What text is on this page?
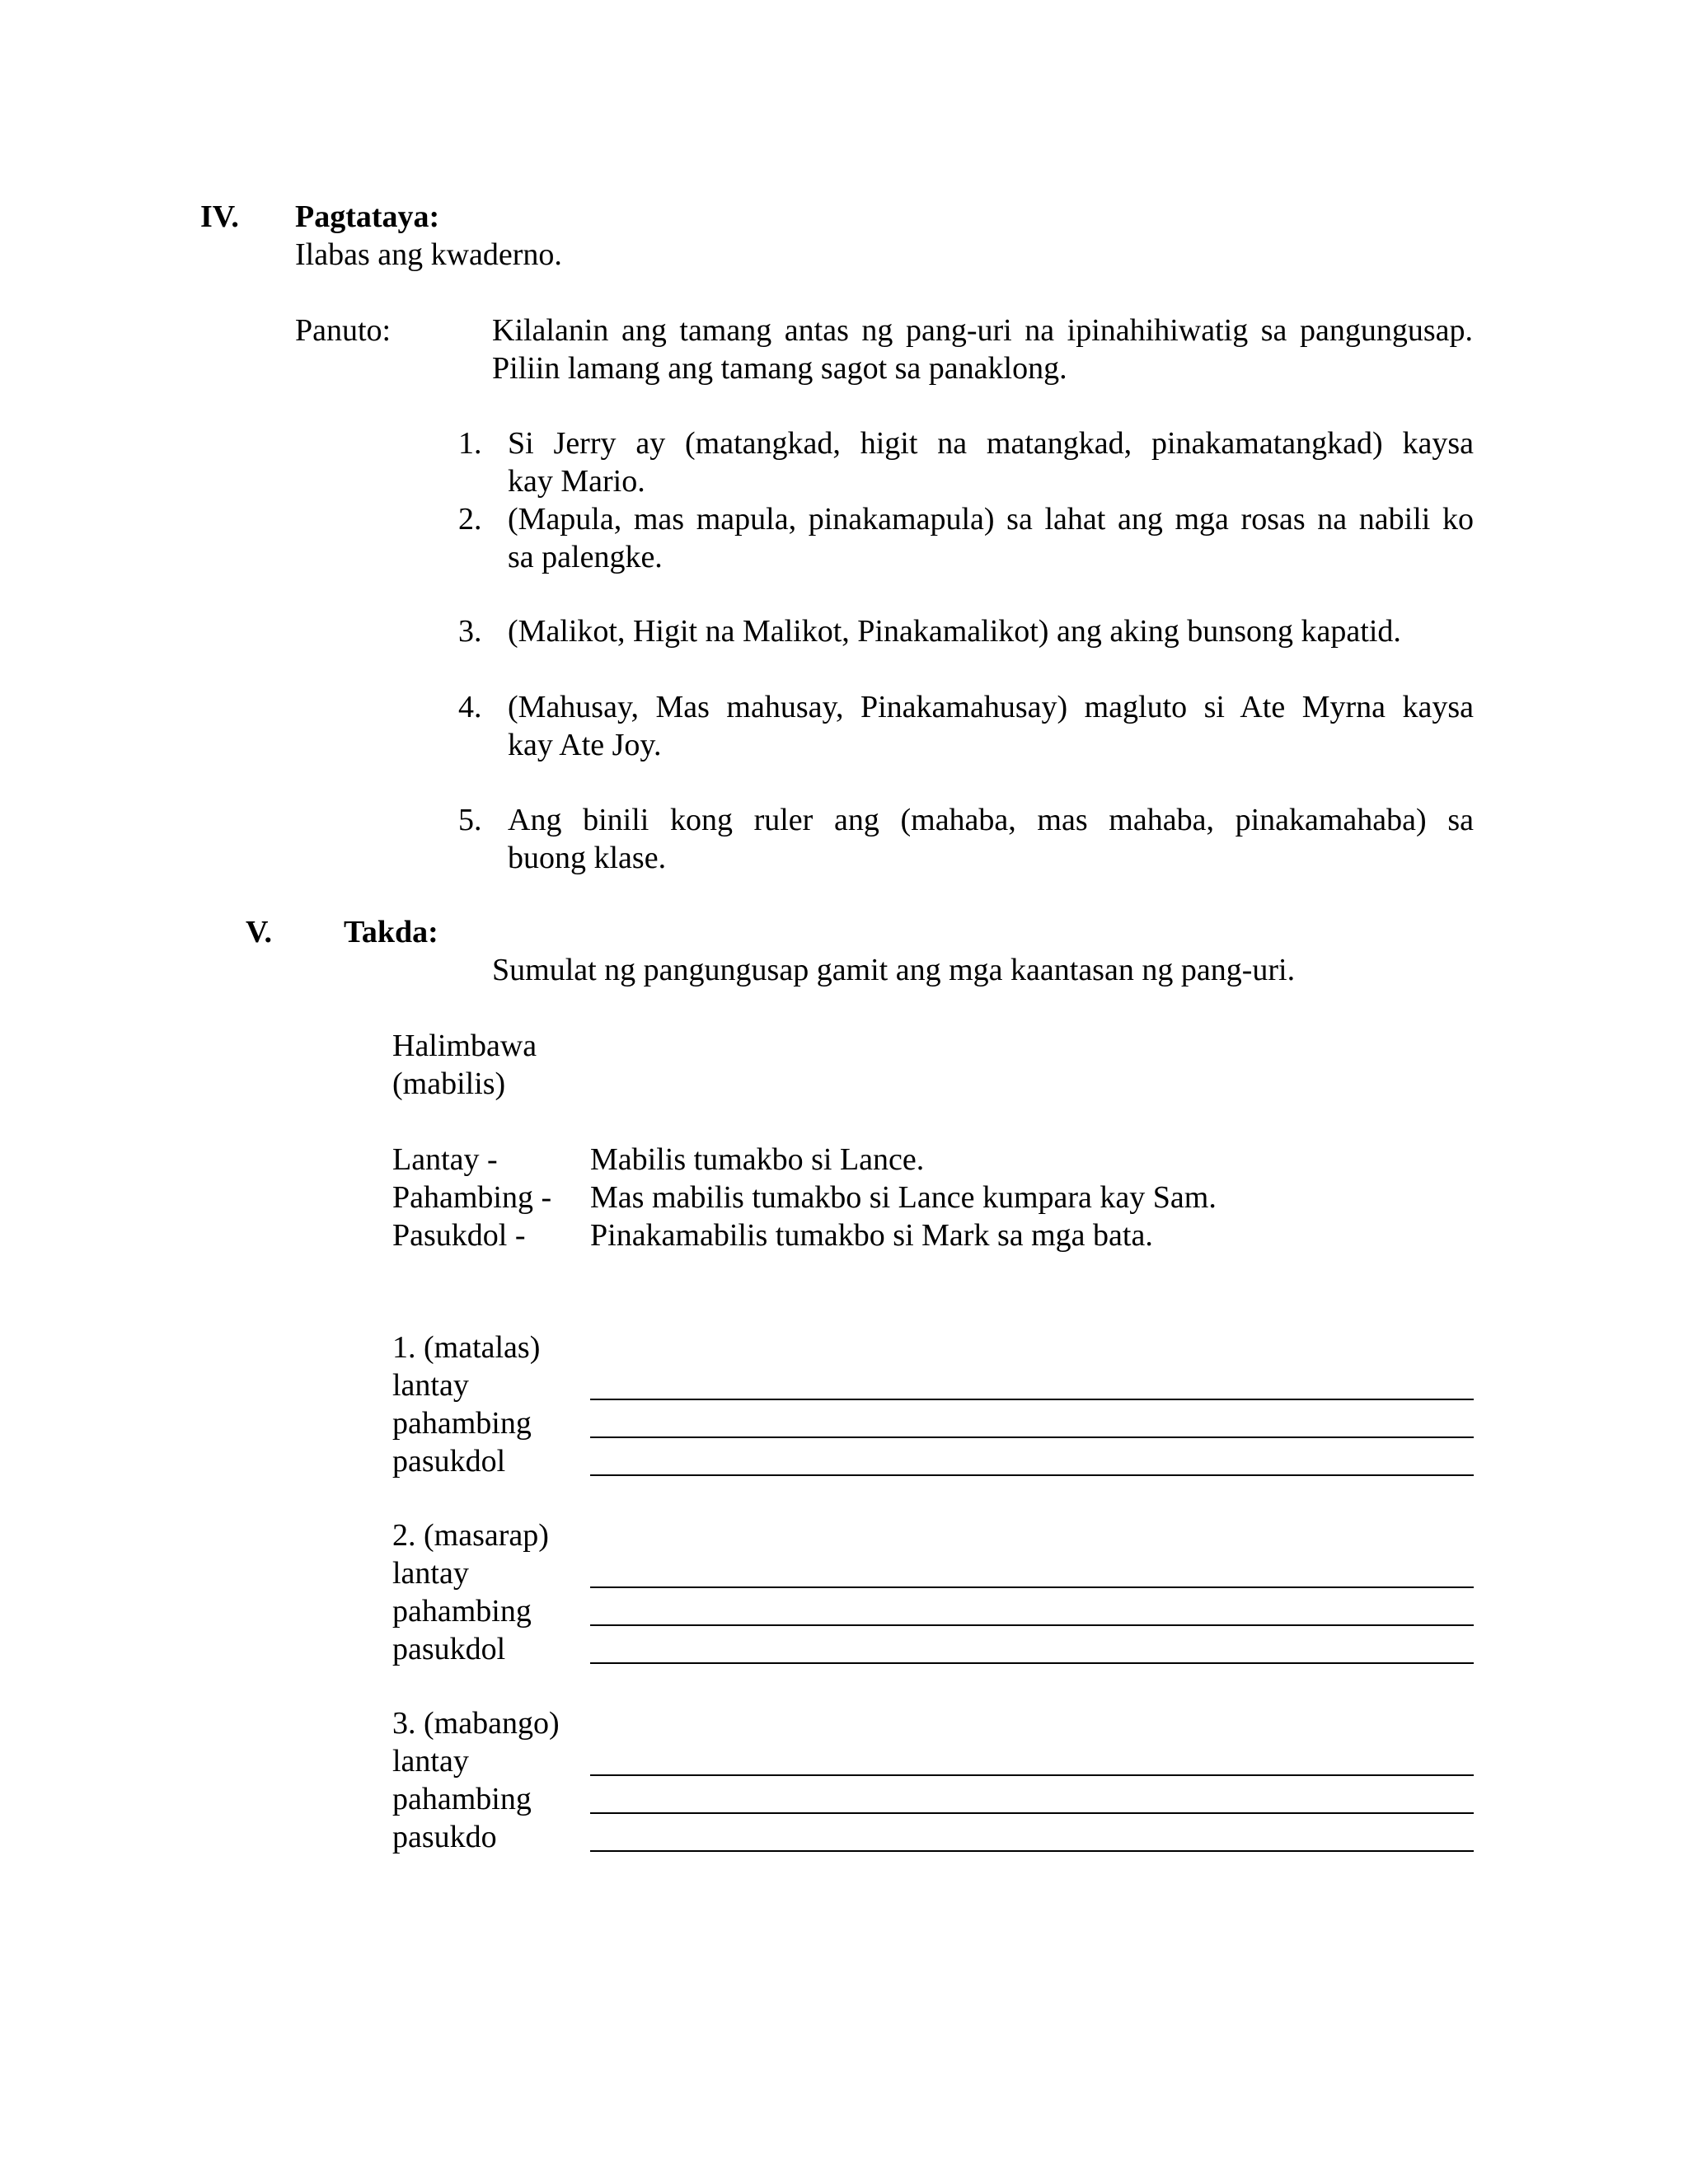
IV. Pagtataya:
Ilabas ang kwaderno.
Panuto:	Kilalanin ang tamang antas ng pang-uri na ipinahihiwatig sa pangungusap.
Piliin lamang ang tamang sagot sa panaklong.
1. Si Jerry ay (matangkad, higit na matangkad, pinakamatangkad) kaysa
kay Mario.
2. (Mapula, mas mapula, pinakamapula) sa lahat ang mga rosas na nabili ko
sa palengke.
3. (Malikot, Higit na Malikot, Pinakamalikot) ang aking bunsong kapatid.
4. (Mahusay, Mas mahusay, Pinakamahusay) magluto si Ate Myrna kaysa
kay Ate Joy.
5. Ang binili kong ruler ang (mahaba, mas mahaba, pinakamahaba) sa
buong klase.
V. Takda:
Sumulat ng pangungusap gamit ang mga kaantasan ng pang-uri.
Halimbawa
(mabilis)
Lantay -	Mabilis tumakbo si Lance.
Pahambing - Mas mabilis tumakbo si Lance kumpara kay Sam.
Pasukdol - Pinakamabilis tumakbo si Mark sa mga bata.
1. (matalas)
lantay
pahambing
pasukdol
2. (masarap)
lantay
pahambing
pasukdol
3. (mabango)
lantay
pahambing
pasukdo
